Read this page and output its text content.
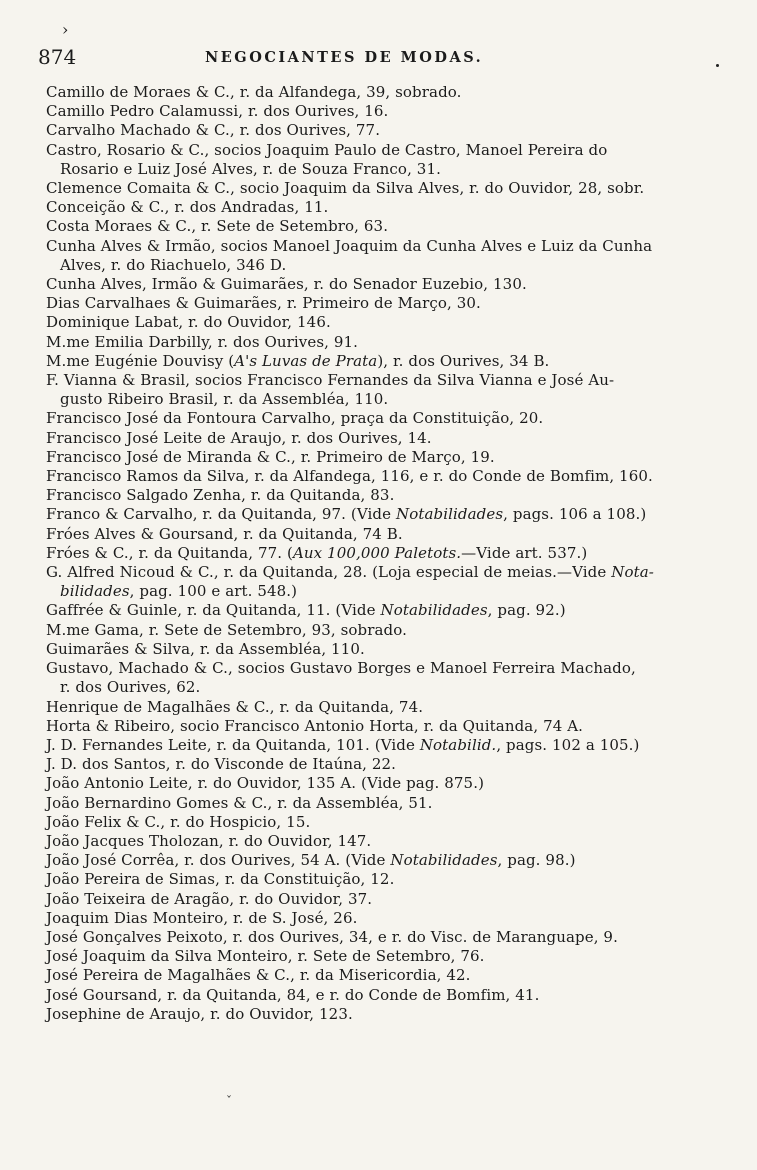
›
ˇ
874	NEGOCIANTES DE MODAS.
Camillo de Moraes & C., r. da Alfandega, 39, sobrado.
Camillo Pedro Calamussi, r. dos Ourives, 16.
Carvalho Machado & C., r. dos Ourives, 77.
Castro, Rosario & C., socios Joaquim Paulo de Castro, Manoel Pereira do
Rosario e Luiz José Alves, r. de Souza Franco, 31.
Clemence Comaita & C., socio Joaquim da Silva Alves, r. do Ouvidor, 28, sobr.
Conceição & C., r. dos Andradas, 11.
Costa Moraes & C., r. Sete de Setembro, 63.
Cunha Alves & Irmão, socios Manoel Joaquim da Cunha Alves e Luiz da Cunha
Alves, r. do Riachuelo, 346 D.
Cunha Alves, Irmão & Guimarães, r. do Senador Euzebio, 130.
Dias Carvalhaes & Guimarães, r. Primeiro de Março, 30.
Dominique Labat, r. do Ouvidor, 146.
M.me Emilia Darbilly, r. dos Ourives, 91.
M.me Eugénie Douvisy (A's Luvas de Prata), r. dos Ourives, 34 B.
F. Vianna & Brasil, socios Francisco Fernandes da Silva Vianna e José Au-
gusto Ribeiro Brasil, r. da Assembléa, 110.
Francisco José da Fontoura Carvalho, praça da Constituição, 20.
Francisco José Leite de Araujo, r. dos Ourives, 14.
Francisco José de Miranda & C., r. Primeiro de Março, 19.
Francisco Ramos da Silva, r. da Alfandega, 116, e r. do Conde de Bomfim, 160.
Francisco Salgado Zenha, r. da Quitanda, 83.
Franco & Carvalho, r. da Quitanda, 97. (Vide Notabilidades, pags. 106 a 108.)
Fróes Alves & Goursand, r. da Quitanda, 74 B.
Fróes & C., r. da Quitanda, 77. (Aux 100,000 Paletots.—Vide art. 537.)
G. Alfred Nicoud & C., r. da Quitanda, 28. (Loja especial de meias.—Vide Nota-
bilidades, pag. 100 e art. 548.)
Gaffrée & Guinle, r. da Quitanda, 11. (Vide Notabilidades, pag. 92.)
M.me Gama, r. Sete de Setembro, 93, sobrado.
Guimarães & Silva, r. da Assembléa, 110.
Gustavo, Machado & C., socios Gustavo Borges e Manoel Ferreira Machado,
r. dos Ourives, 62.
Henrique de Magalhães & C., r. da Quitanda, 74.
Horta & Ribeiro, socio Francisco Antonio Horta, r. da Quitanda, 74 A.
J. D. Fernandes Leite, r. da Quitanda, 101. (Vide Notabilid., pags. 102 a 105.)
J. D. dos Santos, r. do Visconde de Itaúna, 22.
João Antonio Leite, r. do Ouvidor, 135 A. (Vide pag. 875.)
João Bernardino Gomes & C., r. da Assembléa, 51.
João Felix & C., r. do Hospicio, 15.
João Jacques Tholozan, r. do Ouvidor, 147.
João José Corrêa, r. dos Ourives, 54 A. (Vide Notabilidades, pag. 98.)
João Pereira de Simas, r. da Constituição, 12.
João Teixeira de Aragão, r. do Ouvidor, 37.
Joaquim Dias Monteiro, r. de S. José, 26.
José Gonçalves Peixoto, r. dos Ourives, 34, e r. do Visc. de Maranguape, 9.
José Joaquim da Silva Monteiro, r. Sete de Setembro, 76.
José Pereira de Magalhães & C., r. da Misericordia, 42.
José Goursand, r. da Quitanda, 84, e r. do Conde de Bomfim, 41.
Josephine de Araujo, r. do Ouvidor, 123.
